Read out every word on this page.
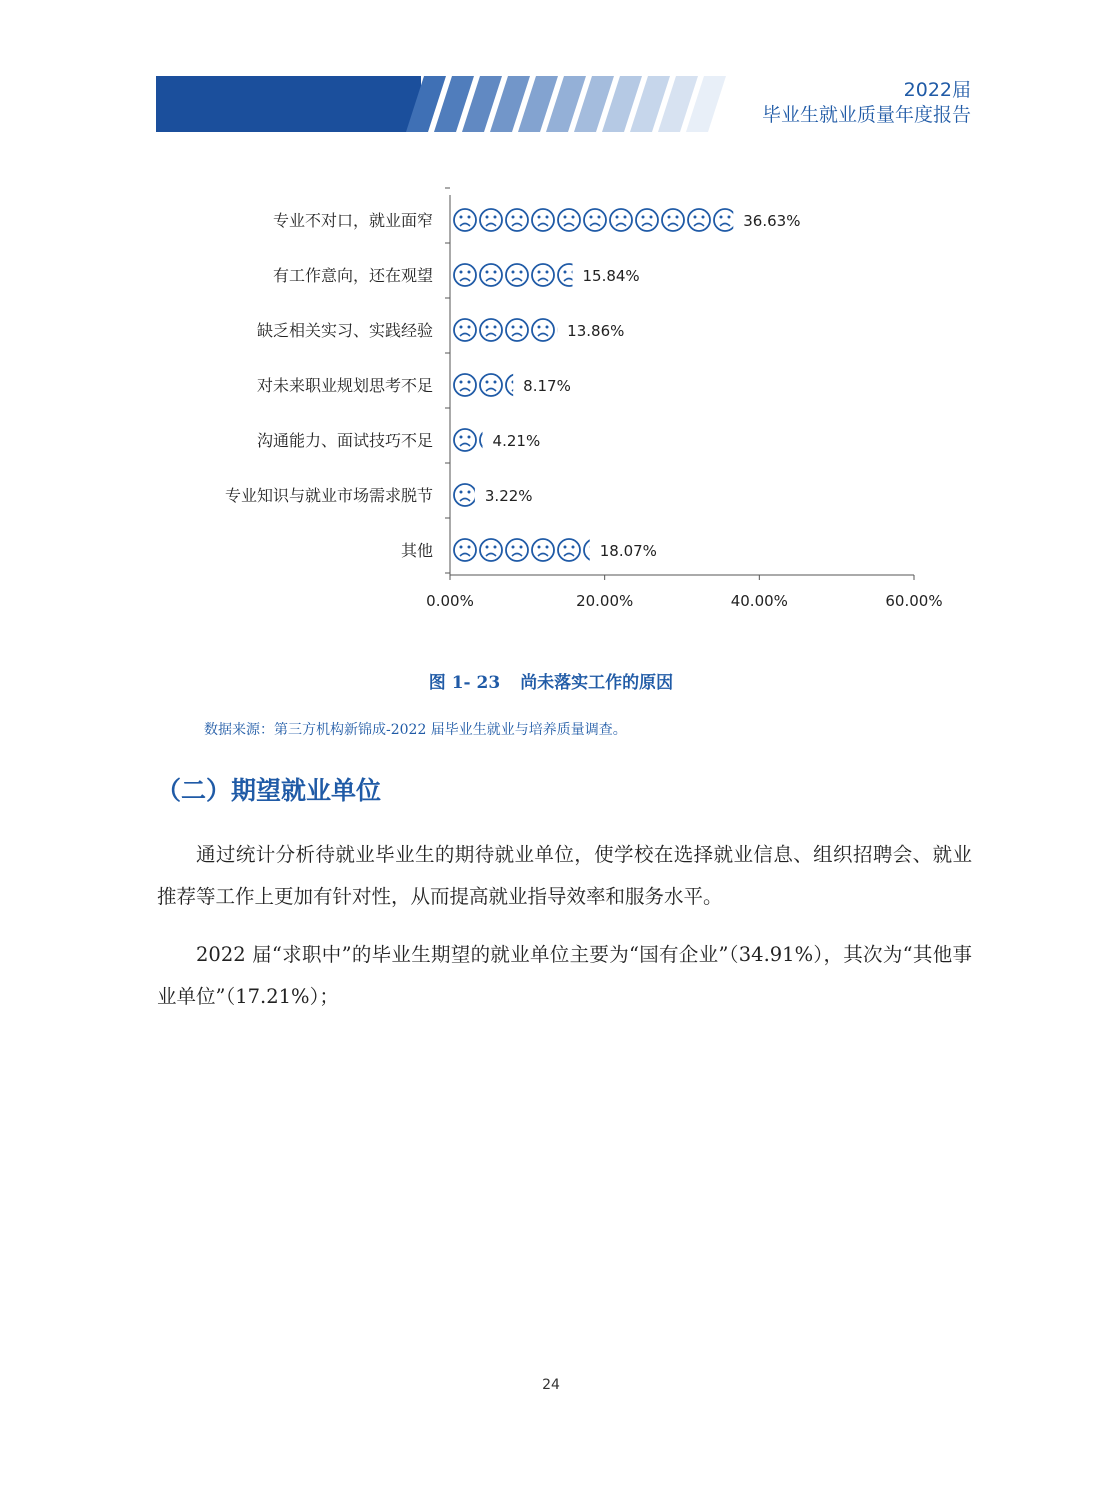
2022届
毕业生就业质量年度报告
专业不对口，就业面窄
有工作意向，还在观望
缺乏相关实习、实践经验
对未来职业规划思考不足
沟通能力、面试技巧不足
专业知识与就业市场需求脱节
其他
36.63%
15.84%
13.86%
8.17%
4.21%
3.22%
18.07%
0.00%	20.00%	40.00%	60.00%
图 1- 23 尚未落实工作的原因
数据来源：第三方机构新锦成-2022 届毕业生就业与培养质量调查。
（二）期望就业单位

通过统计分析待就业毕业生的期待就业单位，使学校在选择就业信息、组织招聘会、就业推荐等工作上更加有针对性，从而提高就业指导效率和服务水平。

2022 届“求职中”的毕业生期望的就业单位主要为“国有企业”（34.91%），其次为“其他事业单位”（17.21%）；

24
